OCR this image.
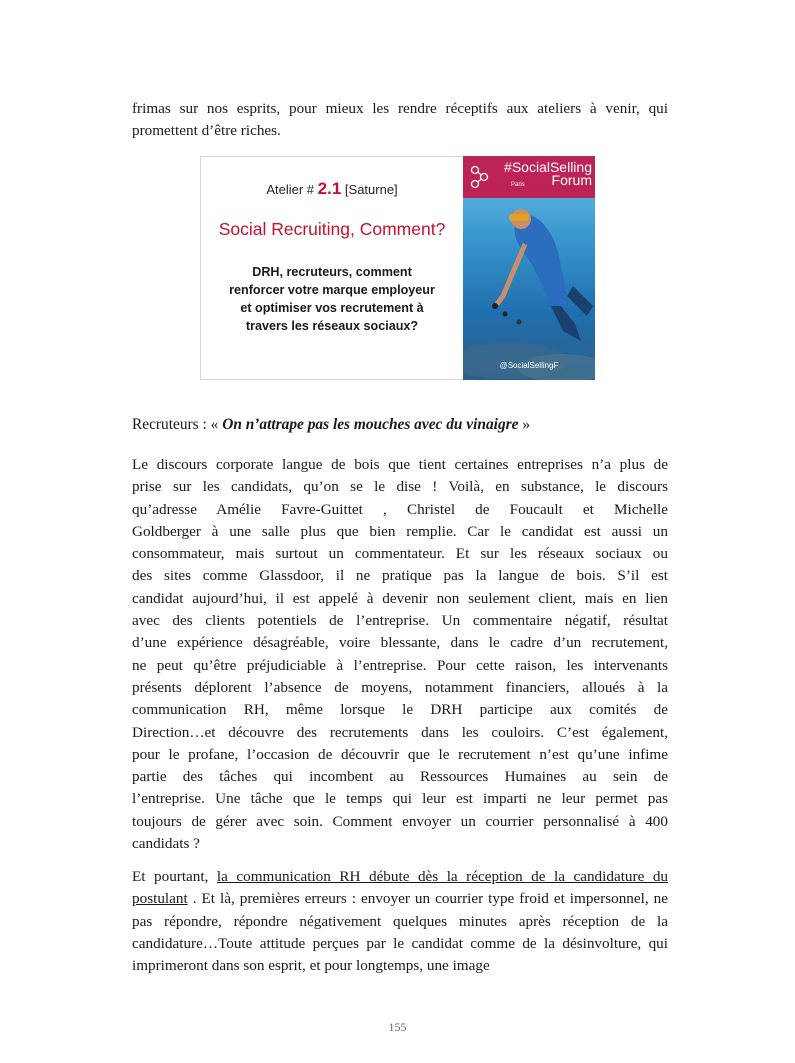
frimas sur nos esprits, pour mieux les rendre réceptifs aux ateliers à venir, qui promettent d’être riches.
Atelier # 2.1 [Saturne]
Social Recruiting, Comment?
DRH, recruteurs, comment renforcer votre marque employeur et optimiser vos recrutement à travers les réseaux sociaux?
#SocialSelling Forum
Paris
@SocialSellingF
Recruteurs : « On n’attrape pas les mouches avec du vinaigre »
Le discours corporate langue de bois que tient certaines entreprises n’a plus de
prise sur les candidats, qu’on se le dise ! Voilà, en substance, le discours
qu’adresse Amélie Favre-Guittet , Christel de Foucault et Michelle
Goldberger à une salle plus que bien remplie. Car le candidat est aussi un
consommateur, mais surtout un commentateur. Et sur les réseaux sociaux ou
des sites comme Glassdoor, il ne pratique pas la langue de bois. S’il est
candidat aujourd’hui, il est appelé à devenir non seulement client, mais en lien
avec des clients potentiels de l’entreprise. Un commentaire négatif, résultat
d’une expérience désagréable, voire blessante, dans le cadre d’un recrutement,
ne peut qu’être préjudiciable à l’entreprise. Pour cette raison, les intervenants
présents déplorent l’absence de moyens, notamment financiers, alloués à la
communication RH, même lorsque le DRH participe aux comités de
Direction…et découvre des recrutements dans les couloirs. C’est également,
pour le profane, l’occasion de découvrir que le recrutement n’est qu’une infime
partie des tâches qui incombent au Ressources Humaines au sein de
l’entreprise. Une tâche que le temps qui leur est imparti ne leur permet pas
toujours de gérer avec soin. Comment envoyer un courrier personnalisé à 400
candidats ?
Et pourtant, la communication RH débute dès la réception de la candidature du postulant . Et là, premières erreurs : envoyer un courrier type froid et impersonnel, ne pas répondre, répondre négativement quelques minutes après réception de la candidature…Toute attitude perçues par le candidat comme de la désinvolture, qui imprimeront dans son esprit, et pour longtemps, une image
155
